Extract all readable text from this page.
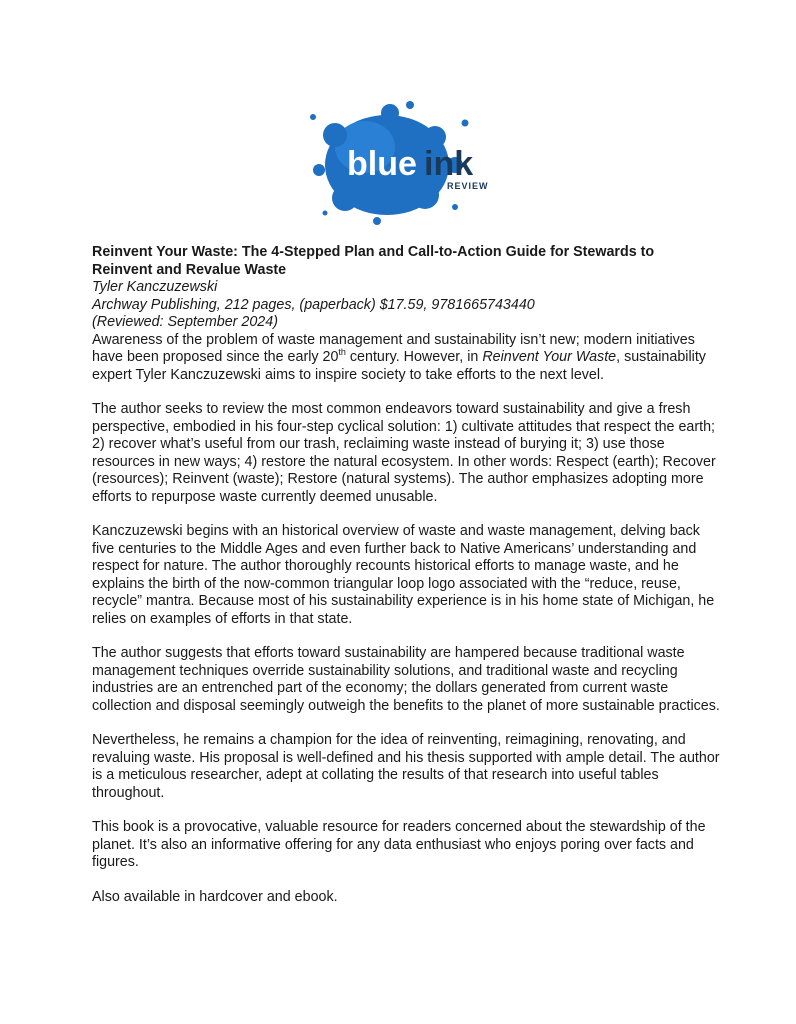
blue ink
REVIEW

Reinvent Your Waste: The 4-Stepped Plan and Call-to-Action Guide for Stewards to

Reinvent and Revalue Waste

Tyler Kanczuzewski

Archway Publishing, 212 pages, (paperback) $17.59, 9781665743440

(Reviewed: September 2024)

Awareness of the problem of waste management and sustainability isn’t new; modern initiatives have been proposed since the early 20th century. However, in Reinvent Your Waste, sustainability expert Tyler Kanczuzewski aims to inspire society to take efforts to the next level.

The author seeks to review the most common endeavors toward sustainability and give a fresh perspective, embodied in his four-step cyclical solution: 1) cultivate attitudes that respect the earth; 2) recover what’s useful from our trash, reclaiming waste instead of burying it; 3) use those resources in new ways; 4) restore the natural ecosystem. In other words: Respect (earth); Recover (resources); Reinvent (waste); Restore (natural systems). The author emphasizes adopting more efforts to repurpose waste currently deemed unusable.

Kanczuzewski begins with an historical overview of waste and waste management, delving back five centuries to the Middle Ages and even further back to Native Americans’ understanding and respect for nature. The author thoroughly recounts historical efforts to manage waste, and he explains the birth of the now-common triangular loop logo associated with the “reduce, reuse, recycle” mantra. Because most of his sustainability experience is in his home state of Michigan, he relies on examples of efforts in that state.

The author suggests that efforts toward sustainability are hampered because traditional waste management techniques override sustainability solutions, and traditional waste and recycling industries are an entrenched part of the economy; the dollars generated from current waste collection and disposal seemingly outweigh the benefits to the planet of more sustainable practices.

Nevertheless, he remains a champion for the idea of reinventing, reimagining, renovating, and revaluing waste. His proposal is well-defined and his thesis supported with ample detail. The author is a meticulous researcher, adept at collating the results of that research into useful tables throughout.

This book is a provocative, valuable resource for readers concerned about the stewardship of the planet. It’s also an informative offering for any data enthusiast who enjoys poring over facts and figures.

Also available in hardcover and ebook.
